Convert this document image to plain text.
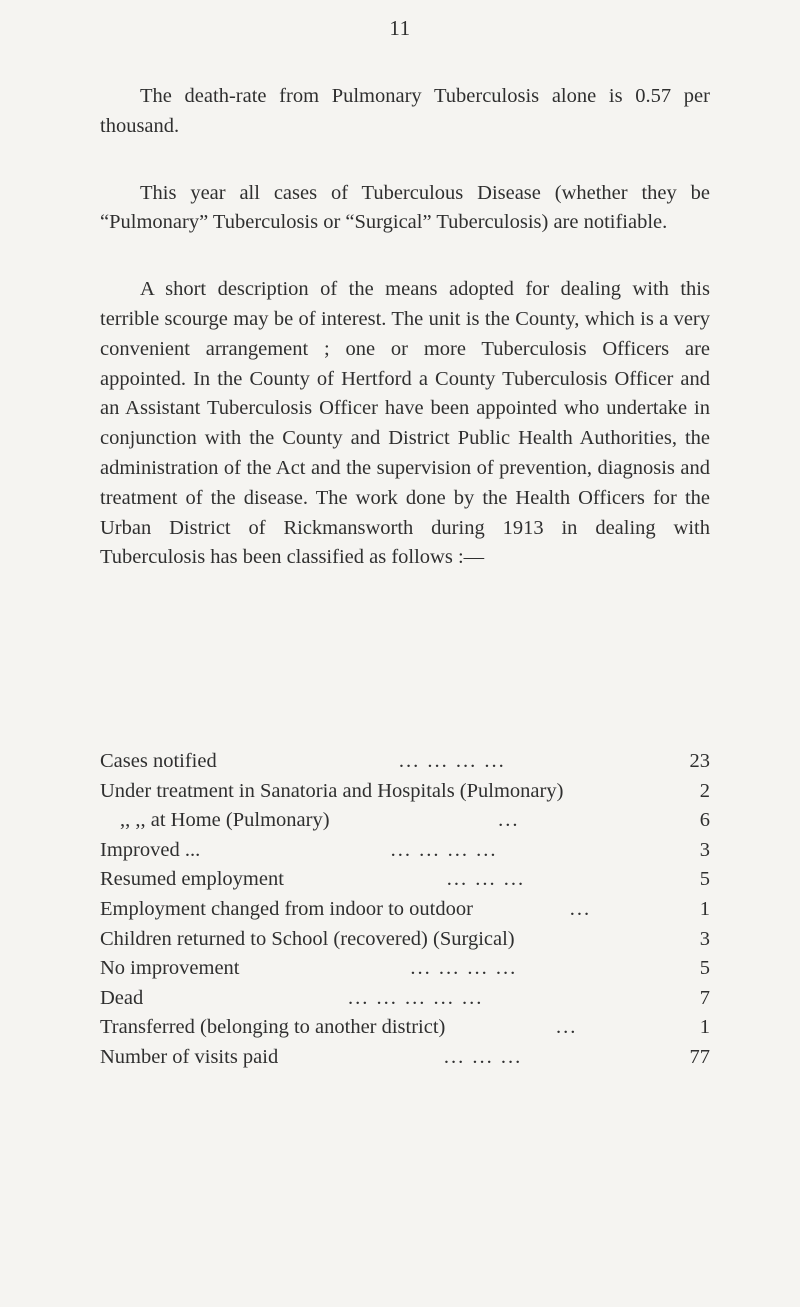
11

The death-rate from Pulmonary Tuberculosis alone is 0.57 per thousand.

This year all cases of Tuberculous Disease (whether they be “Pulmonary” Tuberculosis or “Surgical” Tuberculosis) are notifiable.

A short description of the means adopted for dealing with this terrible scourge may be of interest. The unit is the County, which is a very convenient arrangement ; one or more Tuberculosis Officers are appointed. In the County of Hertford a County Tuberculosis Officer and an Assistant Tuberculosis Officer have been appointed who undertake in conjunction with the County and District Public Health Authorities, the administration of the Act and the supervision of prevention, diagnosis and treatment of the disease. The work done by the Health Officers for the Urban District of Rickmansworth during 1913 in dealing with Tuberculosis has been classified as follows :—

Cases notified	... ... ... ...	23
Under treatment in Sanatoria and Hospitals (Pulmonary)	2
,, ,, at Home (Pulmonary)	...	6
Improved ...	... ... ... ...	3
Resumed employment	... ... ...	5
Employment changed from indoor to outdoor	...	1
Children returned to School (recovered) (Surgical)	3
No improvement	... ... ... ...	5
Dead	... ... ... ... ...	7
Transferred (belonging to another district)	...	1
Number of visits paid	... ... ...	77
